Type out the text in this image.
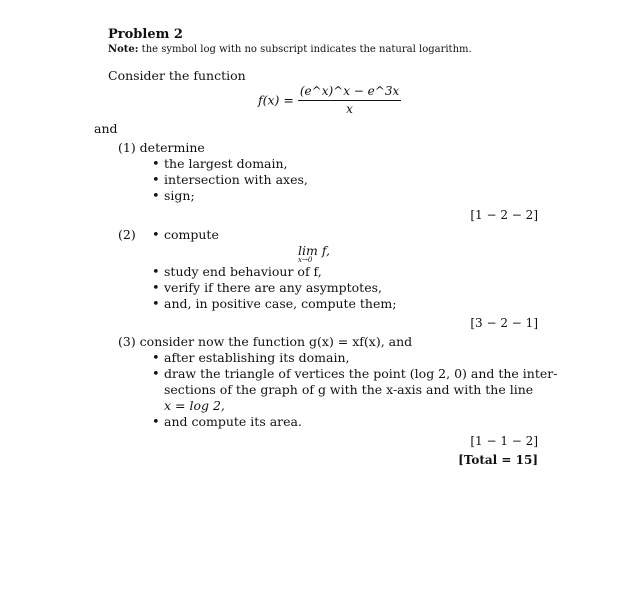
Problem 2
Note: the symbol log with no subscript indicates the natural logarithm.
Consider the function
$f(x) = \frac{(e\^{}x)\^{}x - e\^{}3x}{x}$
and
(1) determine
• the largest domain,
• intersection with axes,
• sign;
[1 − 2 − 2]
(2)
•	compute
lim f,
x→0
• study end behaviour of f,
• verify if there are any asymptotes,
• and, in positive case, compute them;
[3 − 2 − 1]
(3) consider now the function g(x) = xf(x), and
• after establishing its domain,
• draw the triangle of vertices the point (log 2, 0) and the inter-
sections of the graph of g with the x-axis and with the line
x = log 2,
• and compute its area.
[1 − 1 − 2]
[Total = 15]
